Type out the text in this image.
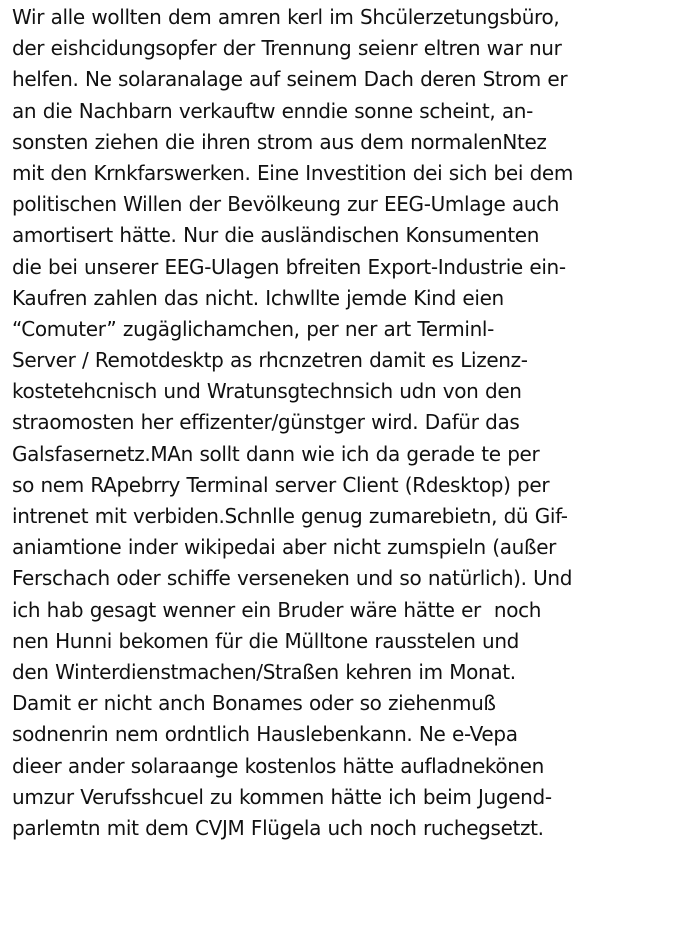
Wir alle wollten dem amren kerl im Shcülerzetungsbüro,
der eishcidungsopfer der Trennung seienr eltren war nur
helfen. Ne solaranalage auf seinem Dach deren Strom er
an die Nachbarn verkauftw enndie sonne scheint, an-
sonsten ziehen die ihren strom aus dem normalenNtez
mit den Krnkfarswerken. Eine Investition dei sich bei dem
politischen Willen der Bevölkeung zur EEG-Umlage auch
amortisert hätte. Nur die ausländischen Konsumenten
die bei unserer EEG-Ulagen bfreiten Export-Industrie ein-
Kaufren zahlen das nicht. Ichwllte jemde Kind eien
“Comuter” zugäglichamchen, per ner art Terminl-
Server / Remotdesktp as rhcnzetren damit es Lizenz-
kostetehcnisch und Wratunsgtechnsich udn von den
straomosten her effizenter/günstger wird. Dafür das
Galsfasernetz.MAn sollt dann wie ich da gerade te per
so nem RApebrry Terminal server Client (Rdesktop) per
intrenet mit verbiden.Schnlle genug zumarebietn, dü Gif-
aniamtione inder wikipedai aber nicht zumspieln (außer
Ferschach oder schiffe verseneken und so natürlich). Und
ich hab gesagt wenner ein Bruder wäre hätte er  noch
nen Hunni bekomen für die Mülltone rausstelen und
den Winterdienstmachen/Straßen kehren im Monat.
Damit er nicht anch Bonames oder so ziehenmuß
sodnenrin nem ordntlich Hauslebenkann. Ne e-Vepa
dieer ander solaraange kostenlos hätte aufladnekönen
umzur Verufsshcuel zu kommen hätte ich beim Jugend-
parlemtn mit dem CVJM Flügela uch noch ruchegsetzt.
